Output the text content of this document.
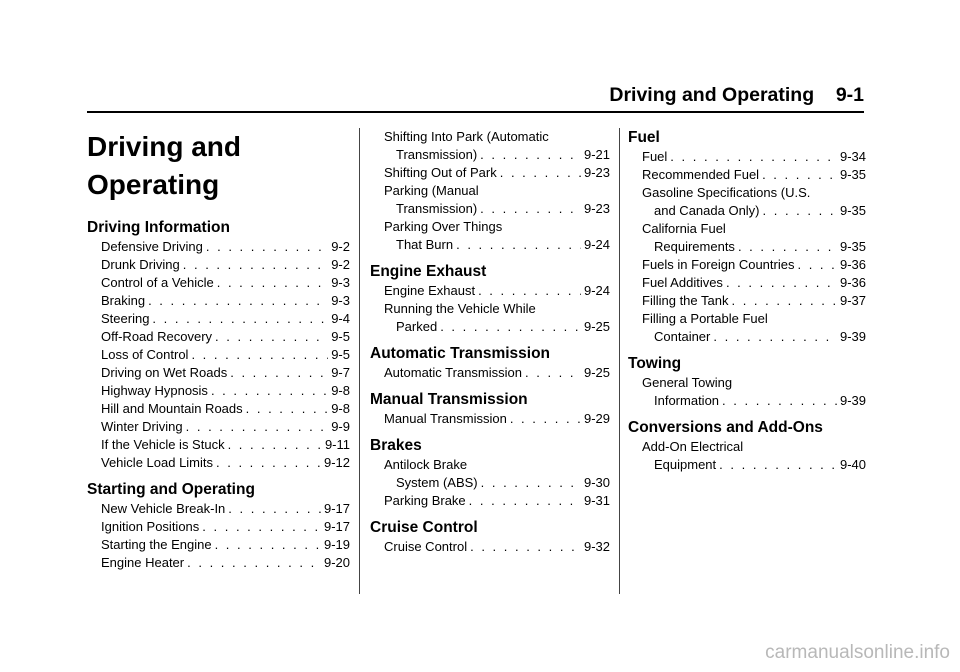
Driving and Operating 9-1
Driving and
Operating
Driving Information
Defensive Driving . . .	9-2
Drunk Driving . . .	9-2
Control of a Vehicle . . .	9-3
Braking . . .	9-3
Steering . . .	9-4
Off-Road Recovery . . .	9-5
Loss of Control . . .	9-5
Driving on Wet Roads . . .	9-7
Highway Hypnosis . . .	9-8
Hill and Mountain Roads . . .	9-8
Winter Driving . . .	9-9
If the Vehicle is Stuck . . .	9-11
Vehicle Load Limits . . .	9-12
Starting and Operating
New Vehicle Break-In . . .	9-17
Ignition Positions . . .	9-17
Starting the Engine . . .	9-19
Engine Heater . . .	9-20
Shifting Into Park (Automatic
Transmission) . . .	9-21
Shifting Out of Park . . .	9-23
Parking (Manual
Transmission) . . .	9-23
Parking Over Things
That Burn . . .	9-24
Engine Exhaust
Engine Exhaust . . .	9-24
Running the Vehicle While
Parked . . .	9-25
Automatic Transmission
Automatic Transmission . . .	9-25
Manual Transmission
Manual Transmission . . .	9-29
Brakes
Antilock Brake
System (ABS) . . .	9-30
Parking Brake . . .	9-31
Cruise Control
Cruise Control . . .	9-32
Fuel
Fuel . . .	9-34
Recommended Fuel . . .	9-35
Gasoline Specifications (U.S.
and Canada Only) . . .	9-35
California Fuel
Requirements . . .	9-35
Fuels in Foreign Countries . . .	9-36
Fuel Additives . . .	9-36
Filling the Tank . . .	9-37
Filling a Portable Fuel
Container . . .	9-39
Towing
General Towing
Information . . .	9-39
Conversions and Add-Ons
Add-On Electrical
Equipment . . .	9-40
carmanualsonline.info
